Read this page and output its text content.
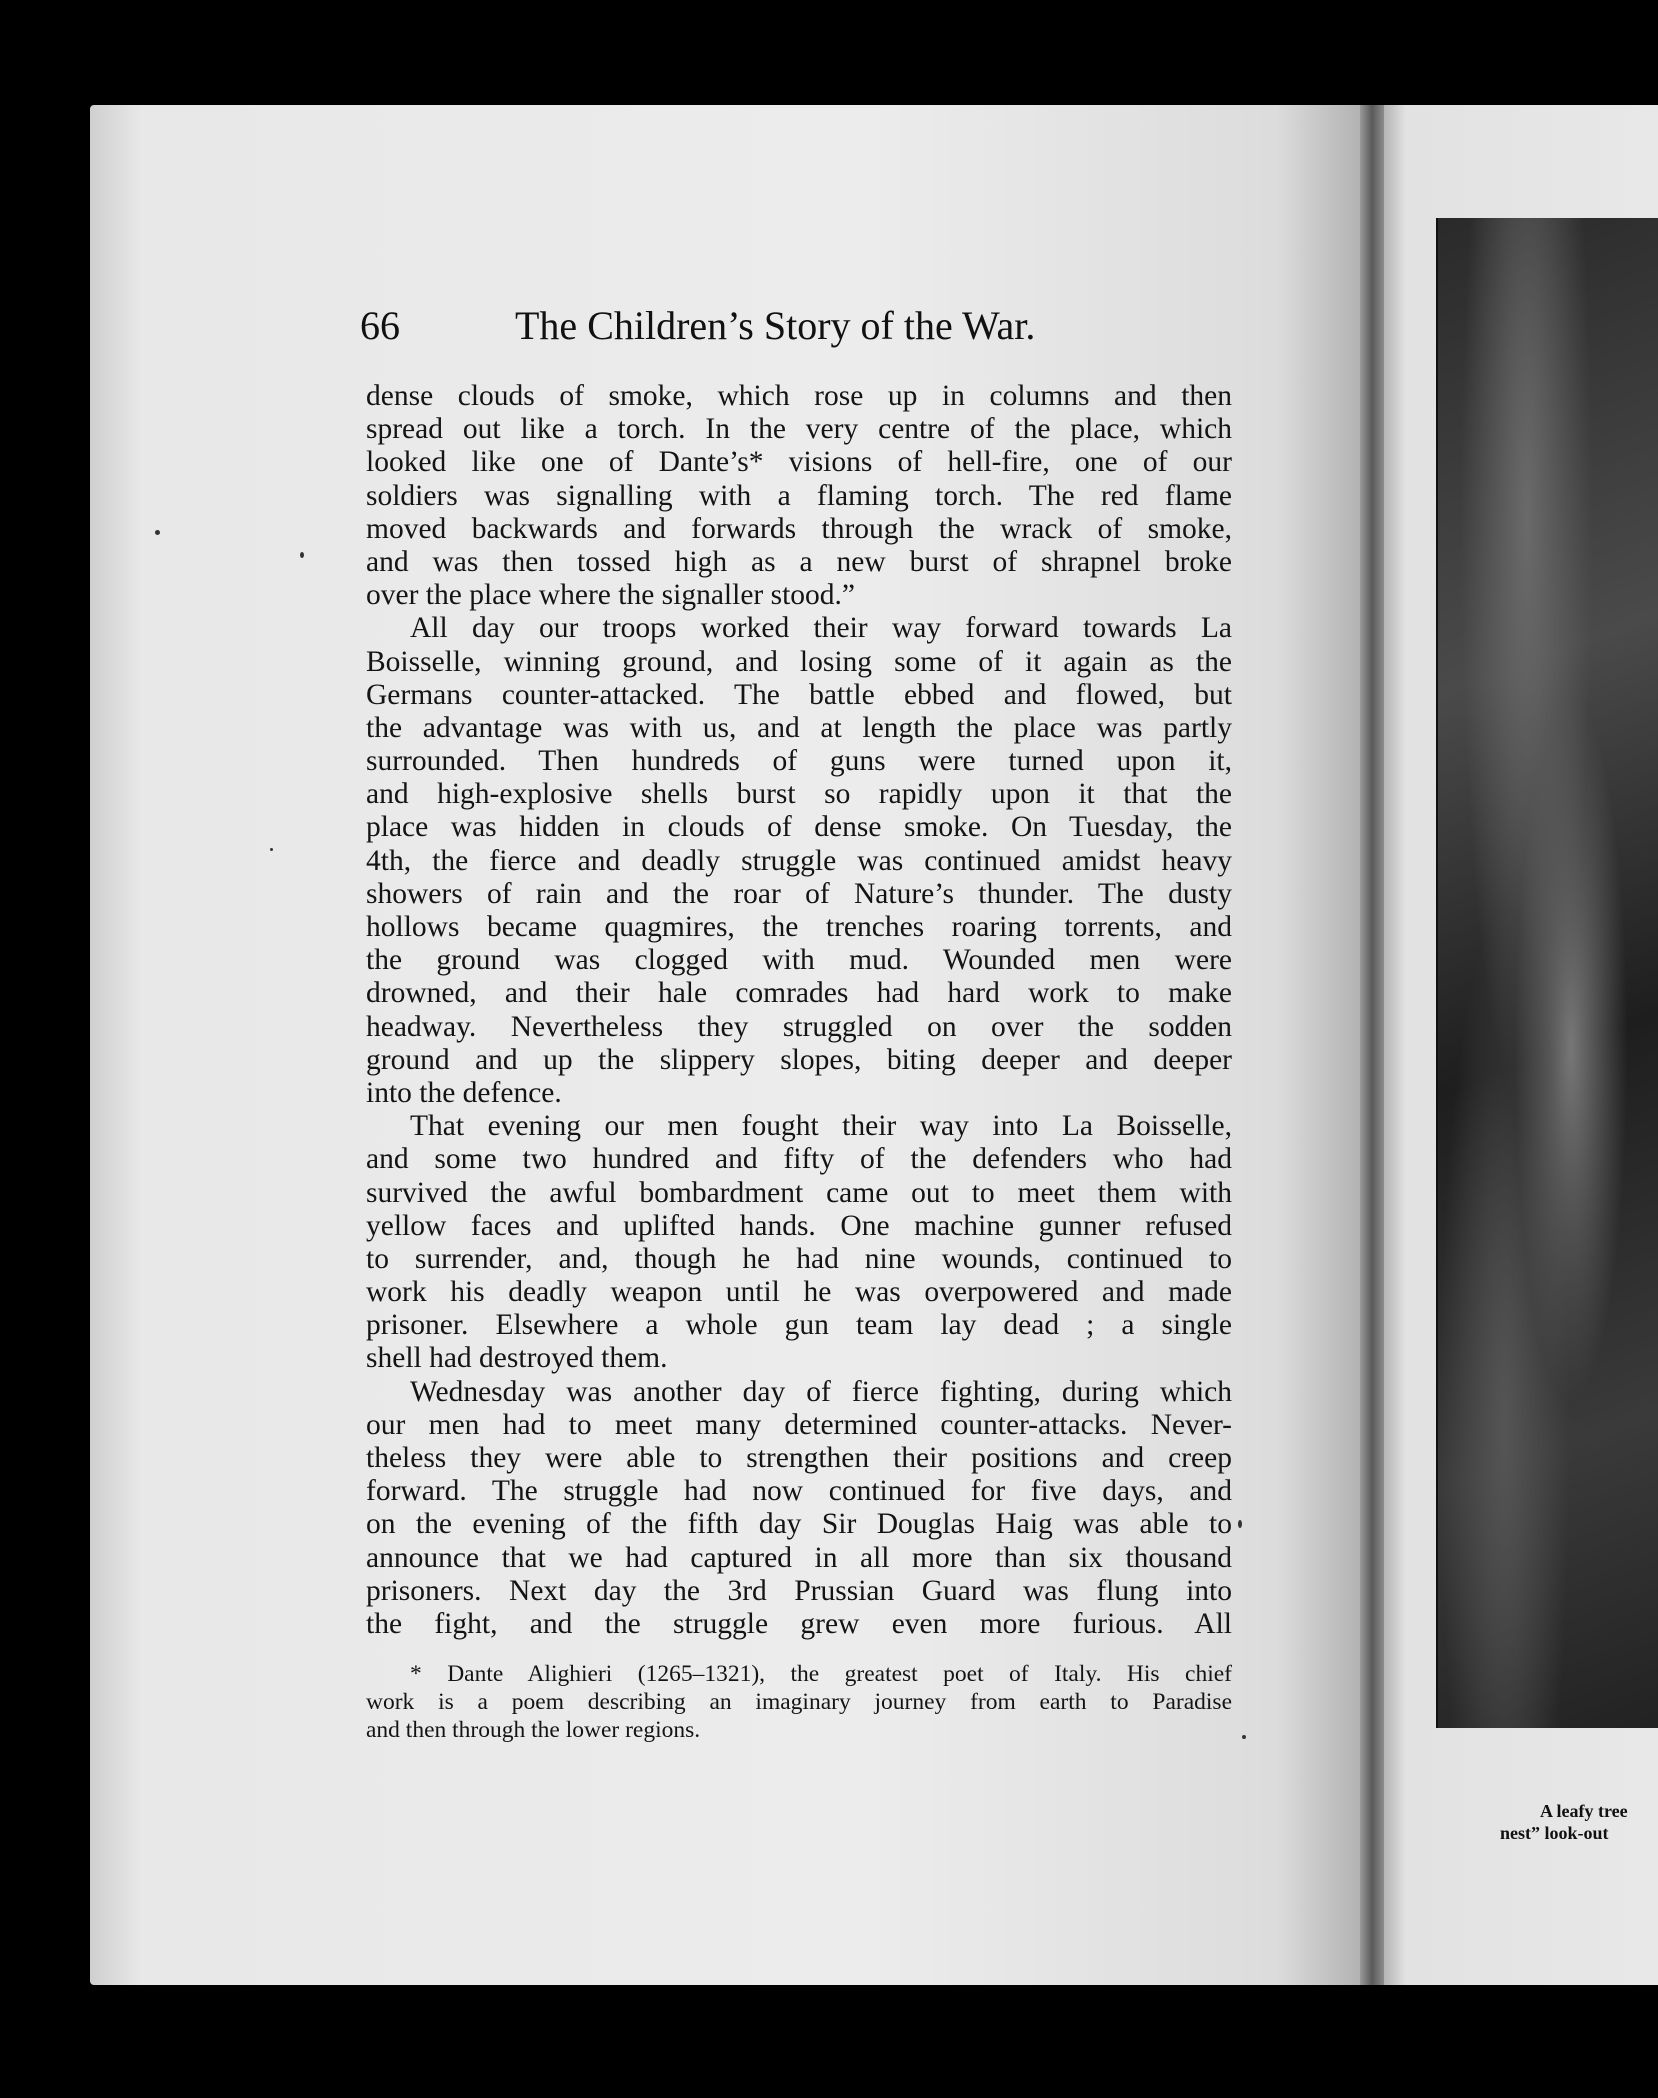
A leafy tree
nest” look-out
66	The Children’s Story of the War.
dense clouds of smoke, which rose up in columns and then
spread out like a torch. In the very centre of the place, which
looked like one of Dante’s* visions of hell-fire, one of our
soldiers was signalling with a flaming torch. The red flame
moved backwards and forwards through the wrack of smoke,
and was then tossed high as a new burst of shrapnel broke
over the place where the signaller stood.”
All day our troops worked their way forward towards La
Boisselle, winning ground, and losing some of it again as the
Germans counter-attacked. The battle ebbed and flowed, but
the advantage was with us, and at length the place was partly
surrounded. Then hundreds of guns were turned upon it,
and high-explosive shells burst so rapidly upon it that the
place was hidden in clouds of dense smoke. On Tuesday, the
4th, the fierce and deadly struggle was continued amidst heavy
showers of rain and the roar of Nature’s thunder. The dusty
hollows became quagmires, the trenches roaring torrents, and
the ground was clogged with mud. Wounded men were
drowned, and their hale comrades had hard work to make
headway. Nevertheless they struggled on over the sodden
ground and up the slippery slopes, biting deeper and deeper
into the defence.
That evening our men fought their way into La Boisselle,
and some two hundred and fifty of the defenders who had
survived the awful bombardment came out to meet them with
yellow faces and uplifted hands. One machine gunner refused
to surrender, and, though he had nine wounds, continued to
work his deadly weapon until he was overpowered and made
prisoner. Elsewhere a whole gun team lay dead ; a single
shell had destroyed them.
Wednesday was another day of fierce fighting, during which
our men had to meet many determined counter-attacks. Never-
theless they were able to strengthen their positions and creep
forward. The struggle had now continued for five days, and
on the evening of the fifth day Sir Douglas Haig was able to
announce that we had captured in all more than six thousand
prisoners. Next day the 3rd Prussian Guard was flung into
the fight, and the struggle grew even more furious. All
* Dante Alighieri (1265–1321), the greatest poet of Italy. His chief
work is a poem describing an imaginary journey from earth to Paradise
and then through the lower regions.
